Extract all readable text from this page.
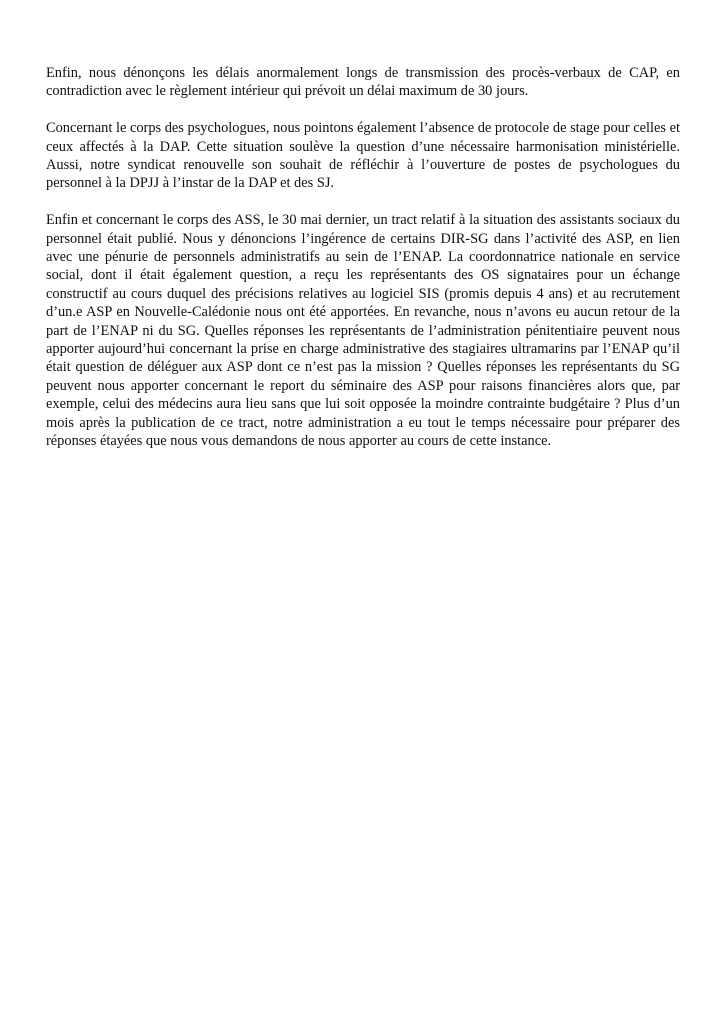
Enfin, nous dénonçons les délais anormalement longs de transmission des procès-verbaux de CAP, en contradiction avec le règlement intérieur qui prévoit un délai maximum de 30 jours.

Concernant le corps des psychologues, nous pointons également l’absence de protocole de stage pour celles et ceux affectés à la DAP. Cette situation soulève la question d’une nécessaire harmonisation ministérielle. Aussi, notre syndicat renouvelle son souhait de réfléchir à l’ouverture de postes de psychologues du personnel à la DPJJ à l’instar de la DAP et des SJ.

Enfin et concernant le corps des ASS, le 30 mai dernier, un tract relatif à la situation des assistants sociaux du personnel était publié. Nous y dénoncions l’ingérence de certains DIR-SG dans l’activité des ASP, en lien avec une pénurie de personnels administratifs au sein de l’ENAP. La coordonnatrice nationale en service social, dont il était également question, a reçu les représentants des OS signataires pour un échange constructif au cours duquel des précisions relatives au logiciel SIS (promis depuis 4 ans) et au recrutement d’un.e ASP en Nouvelle-Calédonie nous ont été apportées. En revanche, nous n’avons eu aucun retour de la part de l’ENAP ni du SG. Quelles réponses les représentants de l’administration pénitentiaire peuvent nous apporter aujourd’hui concernant la prise en charge administrative des stagiaires ultramarins par l’ENAP qu’il était question de déléguer aux ASP dont ce n’est pas la mission ? Quelles réponses les représentants du SG peuvent nous apporter concernant le report du séminaire des ASP pour raisons financières alors que, par exemple, celui des médecins aura lieu sans que lui soit opposée la moindre contrainte budgétaire ? Plus d’un mois après la publication de ce tract, notre administration a eu tout le temps nécessaire pour préparer des réponses étayées que nous vous demandons de nous apporter au cours de cette instance.
